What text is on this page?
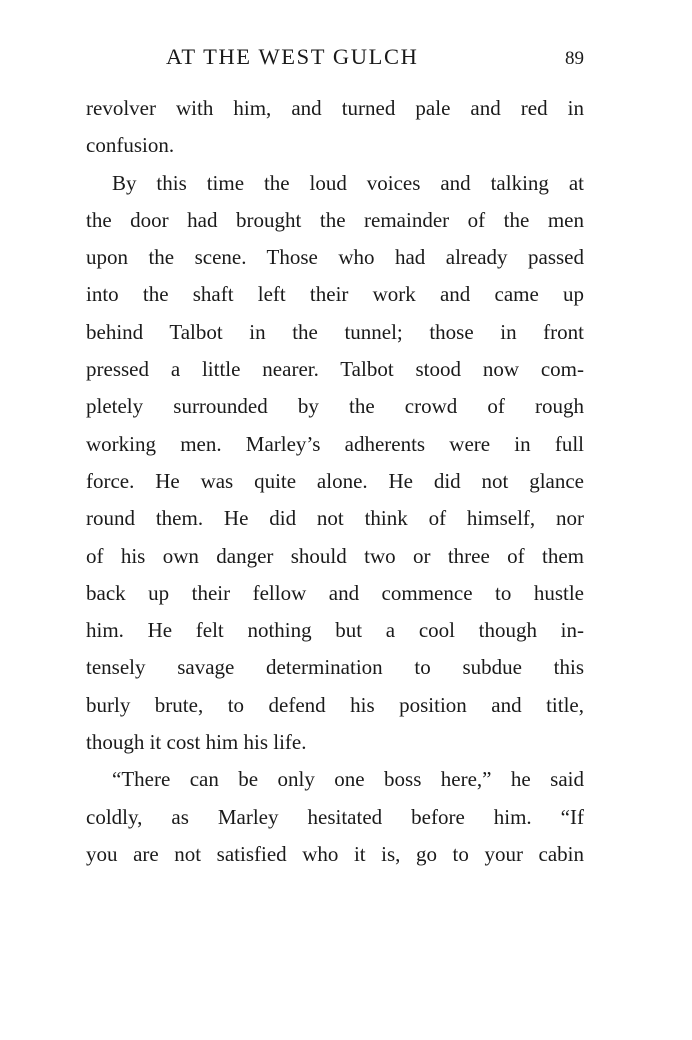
AT THE WEST GULCH	89

revolver with him, and turned pale and red in
confusion.

By this time the loud voices and talking at
the door had brought the remainder of the men
upon the scene. Those who had already passed
into the shaft left their work and came up
behind Talbot in the tunnel; those in front
pressed a little nearer. Talbot stood now com-
pletely surrounded by the crowd of rough
working men. Marley’s adherents were in full
force. He was quite alone. He did not glance
round them. He did not think of himself, nor
of his own danger should two or three of them
back up their fellow and commence to hustle
him. He felt nothing but a cool though in-
tensely savage determination to subdue this
burly brute, to defend his position and title,
though it cost him his life.

“There can be only one boss here,” he said
coldly, as Marley hesitated before him. “If
you are not satisfied who it is, go to your cabin
